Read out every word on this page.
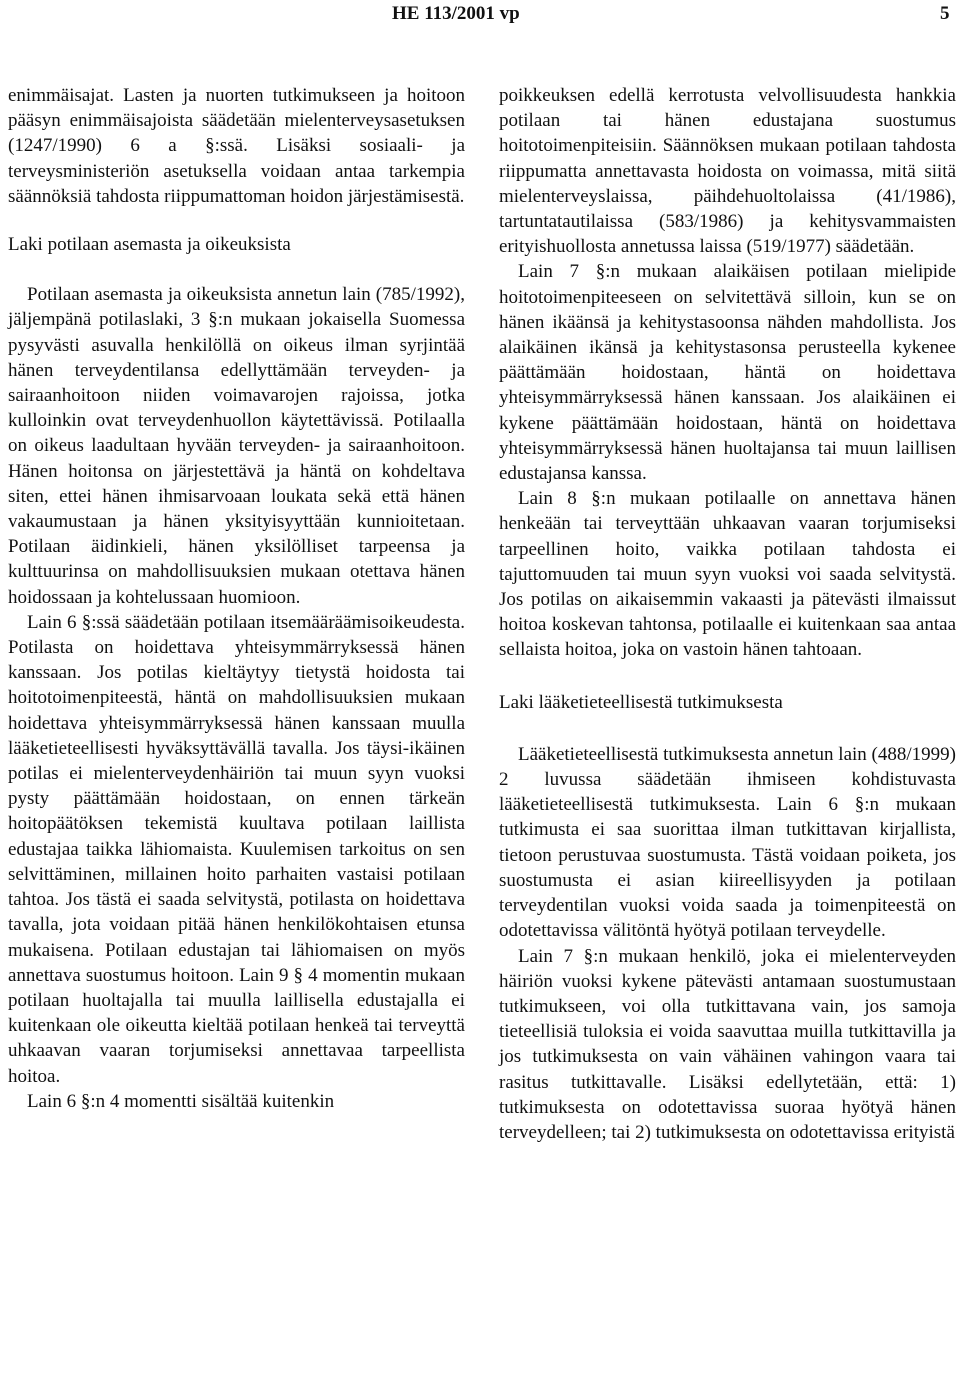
HE 113/2001 vp	5

enimmäisajat. Lasten ja nuorten tutkimukseen ja hoitoon pääsyn enimmäisajoista säädetään mielenterveysasetuksen (1247/1990) 6 a §:ssä. Lisäksi sosiaali- ja terveysministeriön asetuksella voidaan antaa tarkempia säännöksiä tahdosta riippumattoman hoidon järjestämisestä.

Laki potilaan asemasta ja oikeuksista

Potilaan asemasta ja oikeuksista annetun lain (785/1992), jäljempänä potilaslaki, 3 §:n mukaan jokaisella Suomessa pysyvästi asuvalla henkilöllä on oikeus ilman syrjintää hänen terveydentilansa edellyttämään terveyden- ja sairaanhoitoon niiden voimavarojen rajoissa, jotka kulloinkin ovat terveydenhuollon käytettävissä. Potilaalla on oikeus laadultaan hyvään terveyden- ja sairaanhoitoon. Hänen hoitonsa on järjestettävä ja häntä on kohdeltava siten, ettei hänen ihmisarvoaan loukata sekä että hänen vakaumustaan ja hänen yksityisyyttään kunnioitetaan. Potilaan äidinkieli, hänen yksilölliset tarpeensa ja kulttuurinsa on mahdollisuuksien mukaan otettava hänen hoidossaan ja kohtelussaan huomioon.

Lain 6 §:ssä säädetään potilaan itsemääräämisoikeudesta. Potilasta on hoidettava yhteisymmärryksessä hänen kanssaan. Jos potilas kieltäytyy tietystä hoidosta tai hoitotoimenpiteestä, häntä on mahdollisuuksien mukaan hoidettava yhteisymmärryksessä hänen kanssaan muulla lääketieteellisesti hyväksyttävällä tavalla. Jos täysi-ikäinen potilas ei mielenterveydenhäiriön tai muun syyn vuoksi pysty päättämään hoidostaan, on ennen tärkeän hoitopäätöksen tekemistä kuultava potilaan laillista edustajaa taikka lähiomaista. Kuulemisen tarkoitus on sen selvittäminen, millainen hoito parhaiten vastaisi potilaan tahtoa. Jos tästä ei saada selvitystä, potilasta on hoidettava tavalla, jota voidaan pitää hänen henkilökohtaisen etunsa mukaisena. Potilaan edustajan tai lähiomaisen on myös annettava suostumus hoitoon. Lain 9 § 4 momentin mukaan potilaan huoltajalla tai muulla laillisella edustajalla ei kuitenkaan ole oikeutta kieltää potilaan henkeä tai terveyttä uhkaavan vaaran torjumiseksi annettavaa tarpeellista hoitoa.

Lain 6 §:n 4 momentti sisältää kuitenkin

poikkeuksen edellä kerrotusta velvollisuudesta hankkia potilaan tai hänen edustajana suostumus hoitotoimenpiteisiin. Säännöksen mukaan potilaan tahdosta riippumatta annettavasta hoidosta on voimassa, mitä siitä mielenterveyslaissa, päihdehuoltolaissa (41/1986), tartuntatautilaissa (583/1986) ja kehitysvammaisten erityishuollosta annetussa laissa (519/1977) säädetään.

Lain 7 §:n mukaan alaikäisen potilaan mielipide hoitotoimenpiteeseen on selvitettävä silloin, kun se on hänen ikäänsä ja kehitystasoonsa nähden mahdollista. Jos alaikäinen ikänsä ja kehitystasonsa perusteella kykenee päättämään hoidostaan, häntä on hoidettava yhteisymmärryksessä hänen kanssaan. Jos alaikäinen ei kykene päättämään hoidostaan, häntä on hoidettava yhteisymmärryksessä hänen huoltajansa tai muun laillisen edustajansa kanssa.

Lain 8 §:n mukaan potilaalle on annettava hänen henkeään tai terveyttään uhkaavan vaaran torjumiseksi tarpeellinen hoito, vaikka potilaan tahdosta ei tajuttomuuden tai muun syyn vuoksi voi saada selvitystä. Jos potilas on aikaisemmin vakaasti ja pätevästi ilmaissut hoitoa koskevan tahtonsa, potilaalle ei kuitenkaan saa antaa sellaista hoitoa, joka on vastoin hänen tahtoaan.

Laki lääketieteellisestä tutkimuksesta

Lääketieteellisestä tutkimuksesta annetun lain (488/1999) 2 luvussa säädetään ihmiseen kohdistuvasta lääketieteellisestä tutkimuksesta. Lain 6 §:n mukaan tutkimusta ei saa suorittaa ilman tutkittavan kirjallista, tietoon perustuvaa suostumusta. Tästä voidaan poiketa, jos suostumusta ei asian kiireellisyyden ja potilaan terveydentilan vuoksi voida saada ja toimenpiteestä on odotettavissa välitöntä hyötyä potilaan terveydelle.

Lain 7 §:n mukaan henkilö, joka ei mielenterveyden häiriön vuoksi kykene pätevästi antamaan suostumustaan tutkimukseen, voi olla tutkittavana vain, jos samoja tieteellisiä tuloksia ei voida saavuttaa muilla tutkittavilla ja jos tutkimuksesta on vain vähäinen vahingon vaara tai rasitus tutkittavalle. Lisäksi edellytetään, että: 1) tutkimuksesta on odotettavissa suoraa hyötyä hänen terveydelleen; tai 2) tutkimuksesta on odotettavissa erityistä
